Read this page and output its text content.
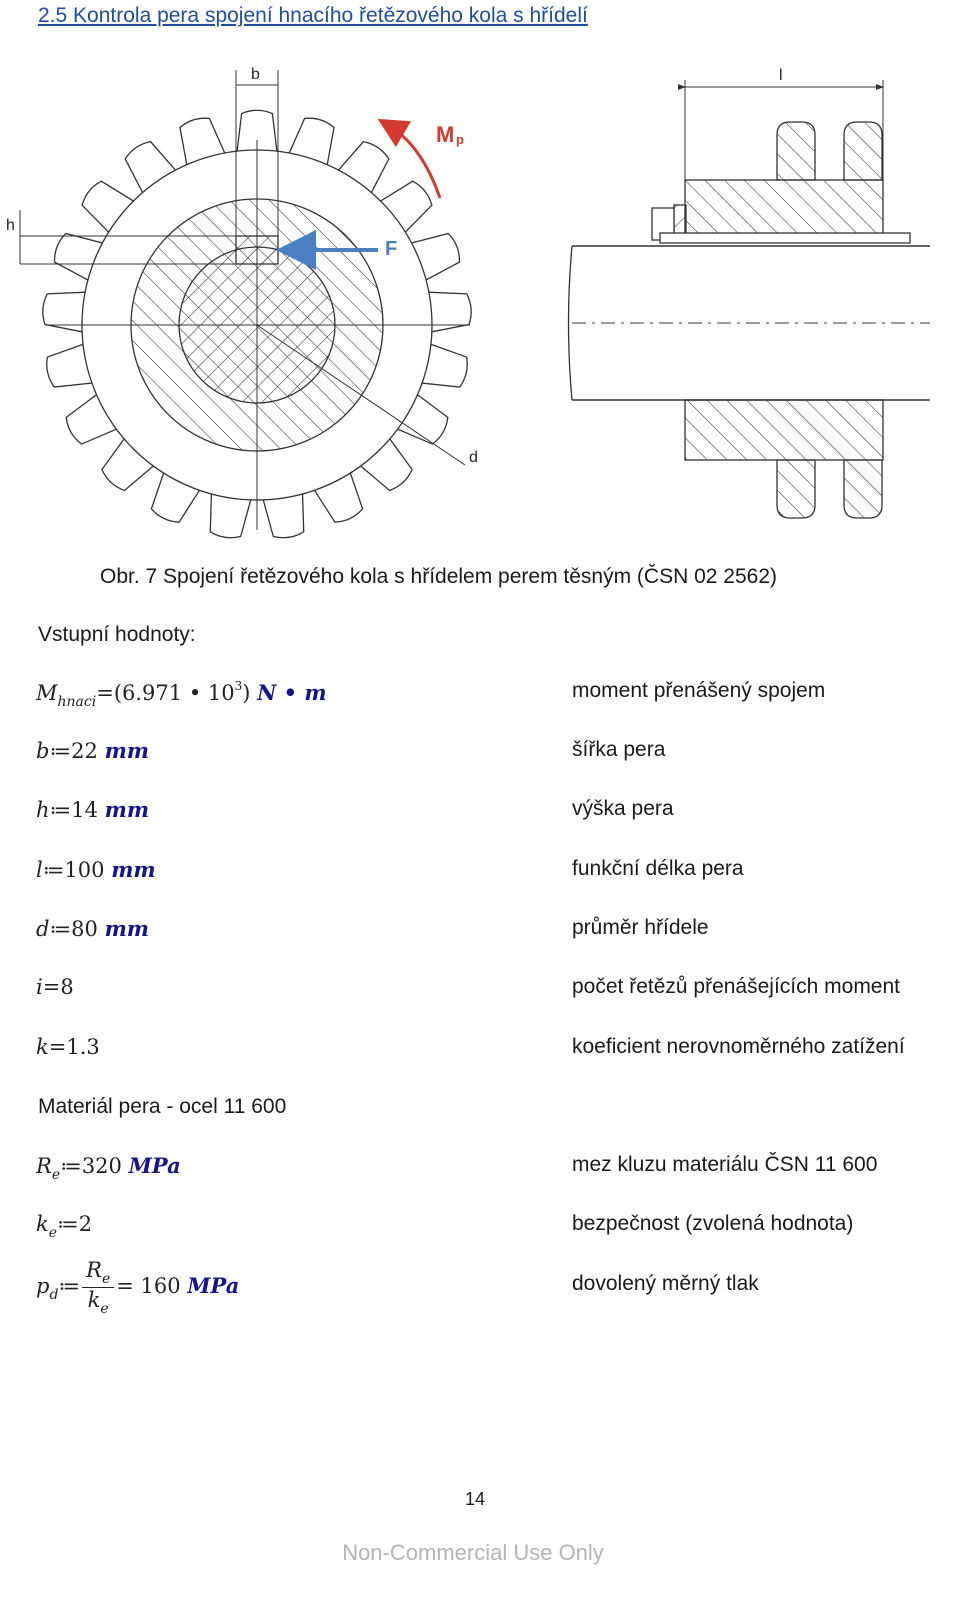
2.5 Kontrola pera spojení hnacího řetězového kola s hřídelí
b
h
d
F
M p
l
Obr. 7 Spojení řetězového kola s hřídelem perem těsným (ČSN 02 2562)
Vstupní hodnoty:
$M_{hnaci}=(6.971$ • $10^3$) N • m	moment přenášený spojem
b≔22 mm	šířka pera
h≔14 mm	výška pera
l≔100 mm	funkční délka pera
d≔80 mm	průměr hřídele
i=8	počet řetězů přenášejících moment
k=1.3	koeficient nerovnoměrného zatížení
Materiál pera - ocel 11 600
$R_e≔320$ MPa	mez kluzu materiálu ČSN 11 600
$k_e≔2$	bezpečnost (zvolená hodnota)
$p_d≔ \frac{R_e}{k_e} = 160$ MPa	dovolený měrný tlak
14
Non-Commercial Use Only
